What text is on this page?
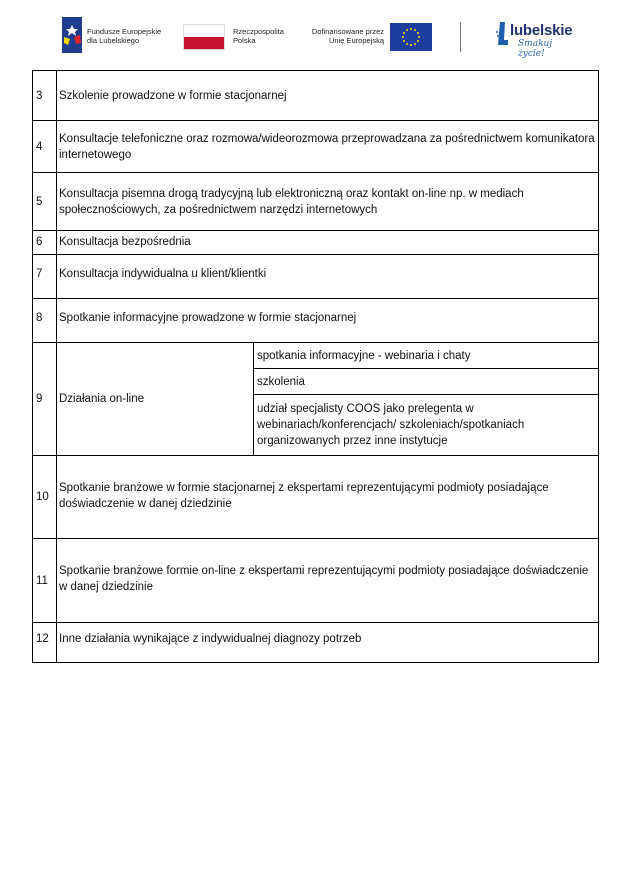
Fundusze Europejskie
dla Lubelskiego
Rzeczpospolita
Polska
Dofinansowane przez
Unię Europejską
lubelskie
Smakuj życie!
3	Szkolenie prowadzone w formie stacjonarnej	
4	Konsultacje telefoniczne oraz rozmowa/wideorozmowa przeprowadzana za pośrednictwem komunikatora internetowego	
5	Konsultacja pisemna drogą tradycyjną lub elektroniczną oraz kontakt on-line np. w mediach społecznościowych, za pośrednictwem narzędzi internetowych	
6	Konsultacja bezpośrednia	
7	Konsultacja indywidualna u klient/klientki	
8	Spotkanie informacyjne prowadzone w formie stacjonarnej	
9	Działania on-line	spotkania informacyjne - webinaria i chaty
		szkolenia
		udział specjalisty COOS jako prelegenta w webinariach/konferencjach/ szkoleniach/spotkaniach organizowanych przez inne instytucje
10	Spotkanie branżowe w formie stacjonarnej z ekspertami reprezentującymi podmioty posiadające doświadczenie w danej dziedzinie	
11	Spotkanie branżowe formie on-line z ekspertami reprezentującymi podmioty posiadające doświadczenie w danej dziedzinie	
12	Inne działania wynikające z indywidualnej diagnozy potrzeb	
